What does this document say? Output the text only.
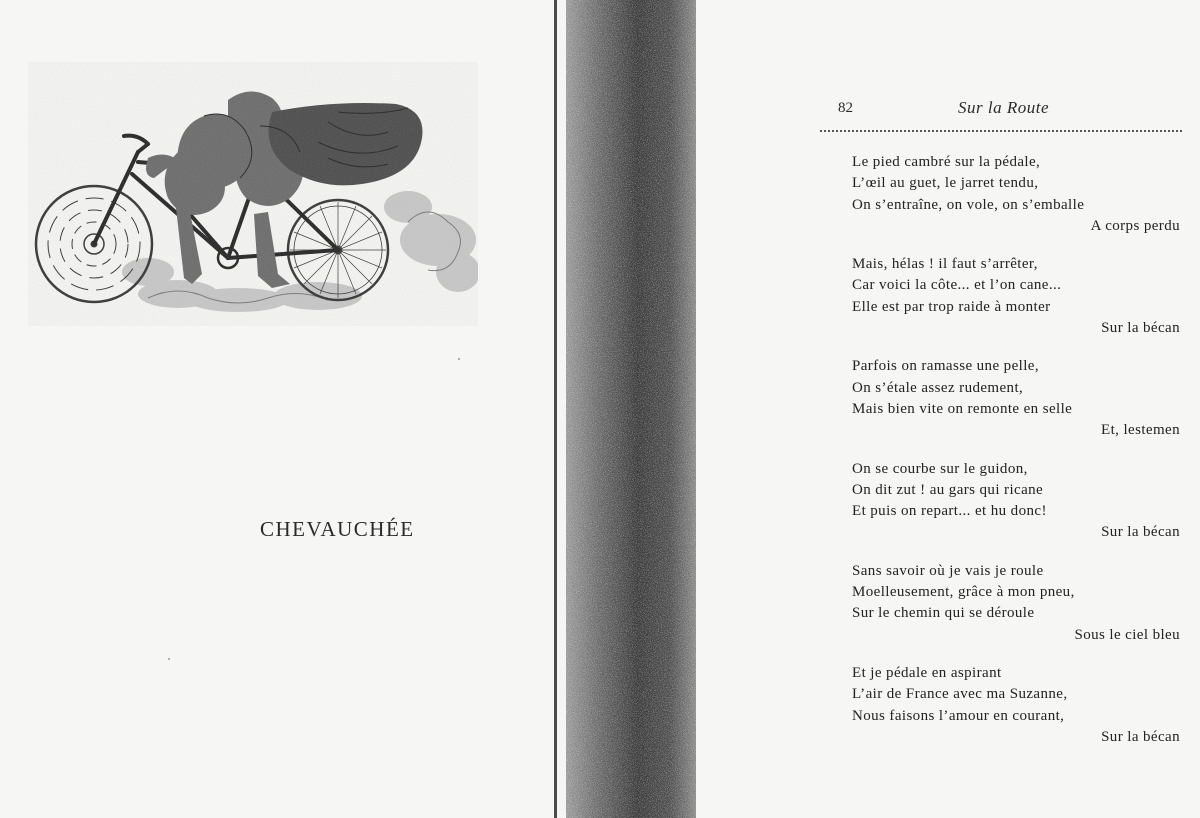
CHEVAUCHÉE
82	Sur la Route
Le pied cambré sur la pédale,
L’œil au guet, le jarret tendu,
On s’entraîne, on vole, on s’emballe
A corps perdu
Mais, hélas ! il faut s’arrêter,
Car voici la côte... et l’on cane...
Elle est par trop raide à monter
Sur la bécan
Parfois on ramasse une pelle,
On s’étale assez rudement,
Mais bien vite on remonte en selle
Et, lestemen
On se courbe sur le guidon,
On dit zut ! au gars qui ricane
Et puis on repart... et hu donc!
Sur la bécan
Sans savoir où je vais je roule
Moelleusement, grâce à mon pneu,
Sur le chemin qui se déroule
Sous le ciel bleu
Et je pédale en aspirant
L’air de France avec ma Suzanne,
Nous faisons l’amour en courant,
Sur la bécan
